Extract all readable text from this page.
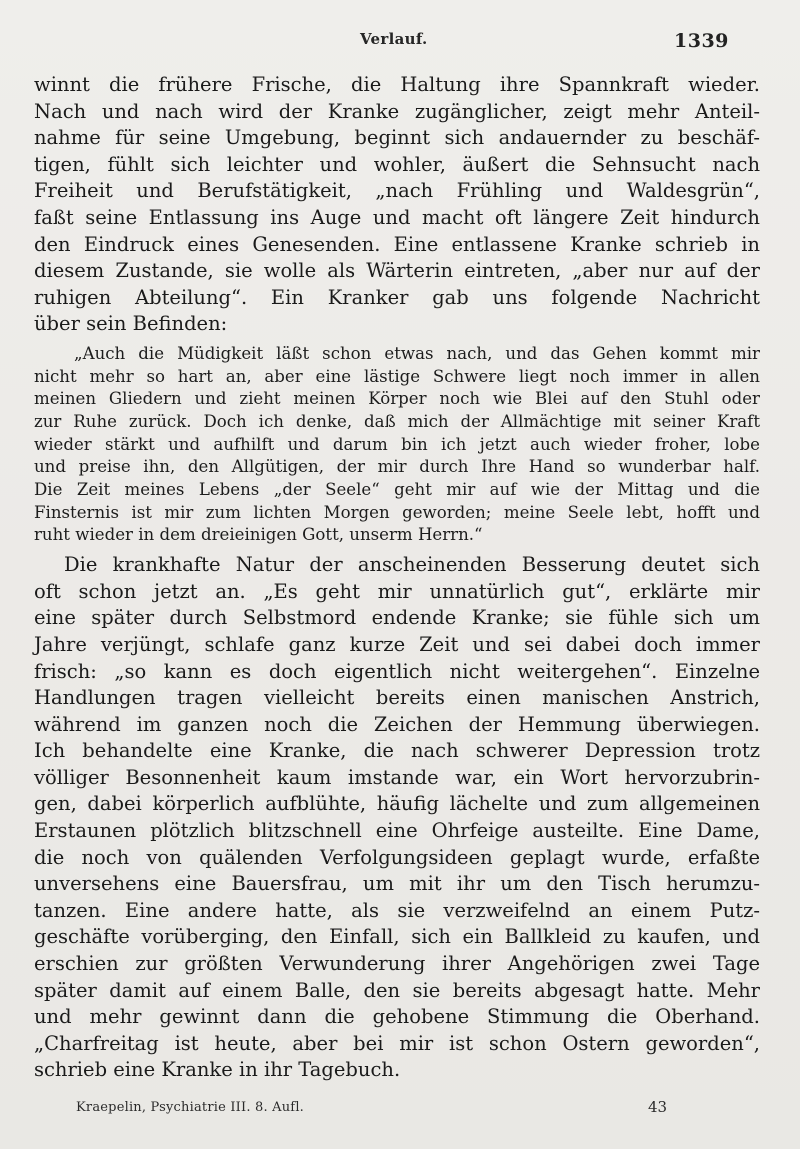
Verlauf.	1339
winnt die frühere Frische, die Haltung ihre Spannkraft wieder.
Nach und nach wird der Kranke zugänglicher, zeigt mehr Anteil-
nahme für seine Umgebung, beginnt sich andauernder zu beschäf-
tigen, fühlt sich leichter und wohler, äußert die Sehnsucht nach
Freiheit und Berufstätigkeit, „nach Frühling und Waldesgrün“,
faßt seine Entlassung ins Auge und macht oft längere Zeit hindurch
den Eindruck eines Genesenden. Eine entlassene Kranke schrieb in
diesem Zustande, sie wolle als Wärterin eintreten, „aber nur auf der
ruhigen Abteilung“. Ein Kranker gab uns folgende Nachricht
über sein Befinden:
„Auch die Müdigkeit läßt schon etwas nach, und das Gehen kommt mir
nicht mehr so hart an, aber eine lästige Schwere liegt noch immer in allen
meinen Gliedern und zieht meinen Körper noch wie Blei auf den Stuhl oder
zur Ruhe zurück. Doch ich denke, daß mich der Allmächtige mit seiner Kraft
wieder stärkt und aufhilft und darum bin ich jetzt auch wieder froher, lobe
und preise ihn, den Allgütigen, der mir durch Ihre Hand so wunderbar half.
Die Zeit meines Lebens „der Seele“ geht mir auf wie der Mittag und die
Finsternis ist mir zum lichten Morgen geworden; meine Seele lebt, hofft und
ruht wieder in dem dreieinigen Gott, unserm Herrn.“
Die krankhafte Natur der anscheinenden Besserung deutet sich
oft schon jetzt an. „Es geht mir unnatürlich gut“, erklärte mir
eine später durch Selbstmord endende Kranke; sie fühle sich um
Jahre verjüngt, schlafe ganz kurze Zeit und sei dabei doch immer
frisch: „so kann es doch eigentlich nicht weitergehen“. Einzelne
Handlungen tragen vielleicht bereits einen manischen Anstrich,
während im ganzen noch die Zeichen der Hemmung überwiegen.
Ich behandelte eine Kranke, die nach schwerer Depression trotz
völliger Besonnenheit kaum imstande war, ein Wort hervorzubrin-
gen, dabei körperlich aufblühte, häufig lächelte und zum allgemeinen
Erstaunen plötzlich blitzschnell eine Ohrfeige austeilte. Eine Dame,
die noch von quälenden Verfolgungsideen geplagt wurde, erfaßte
unversehens eine Bauersfrau, um mit ihr um den Tisch herumzu-
tanzen. Eine andere hatte, als sie verzweifelnd an einem Putz-
geschäfte vorüberging, den Einfall, sich ein Ballkleid zu kaufen, und
erschien zur größten Verwunderung ihrer Angehörigen zwei Tage
später damit auf einem Balle, den sie bereits abgesagt hatte. Mehr
und mehr gewinnt dann die gehobene Stimmung die Oberhand.
„Charfreitag ist heute, aber bei mir ist schon Ostern geworden“,
schrieb eine Kranke in ihr Tagebuch.
Kraepelin, Psychiatrie III. 8. Aufl.	43
